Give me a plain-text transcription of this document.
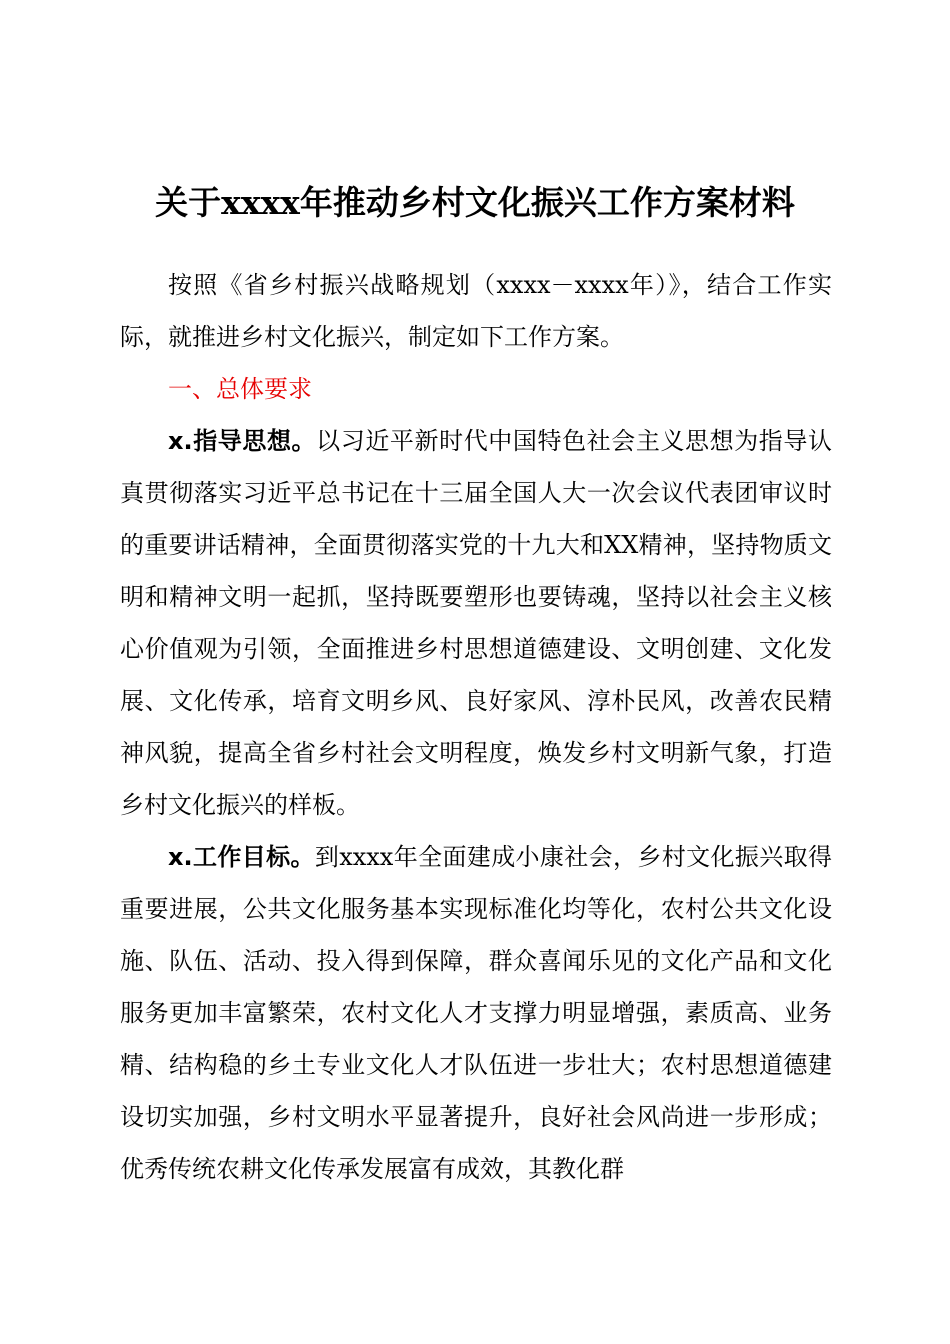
关于xxxx年推动乡村文化振兴工作方案材料

按照《省乡村振兴战略规划（xxxx－xxxx年）》，结合工作实际，就推进乡村文化振兴，制定如下工作方案。

一、总体要求

x.指导思想。以习近平新时代中国特色社会主义思想为指导认真贯彻落实习近平总书记在十三届全国人大一次会议代表团审议时的重要讲话精神，全面贯彻落实党的十九大和XX精神，坚持物质文明和精神文明一起抓，坚持既要塑形也要铸魂，坚持以社会主义核心价值观为引领，全面推进乡村思想道德建设、文明创建、文化发展、文化传承，培育文明乡风、良好家风、淳朴民风，改善农民精神风貌，提高全省乡村社会文明程度，焕发乡村文明新气象，打造乡村文化振兴的样板。

x.工作目标。到xxxx年全面建成小康社会，乡村文化振兴取得重要进展，公共文化服务基本实现标准化均等化，农村公共文化设施、队伍、活动、投入得到保障，群众喜闻乐见的文化产品和文化服务更加丰富繁荣，农村文化人才支撑力明显增强，素质高、业务精、结构稳的乡土专业文化人才队伍进一步壮大；农村思想道德建设切实加强，乡村文明水平显著提升，良好社会风尚进一步形成；优秀传统农耕文化传承发展富有成效，其教化群
